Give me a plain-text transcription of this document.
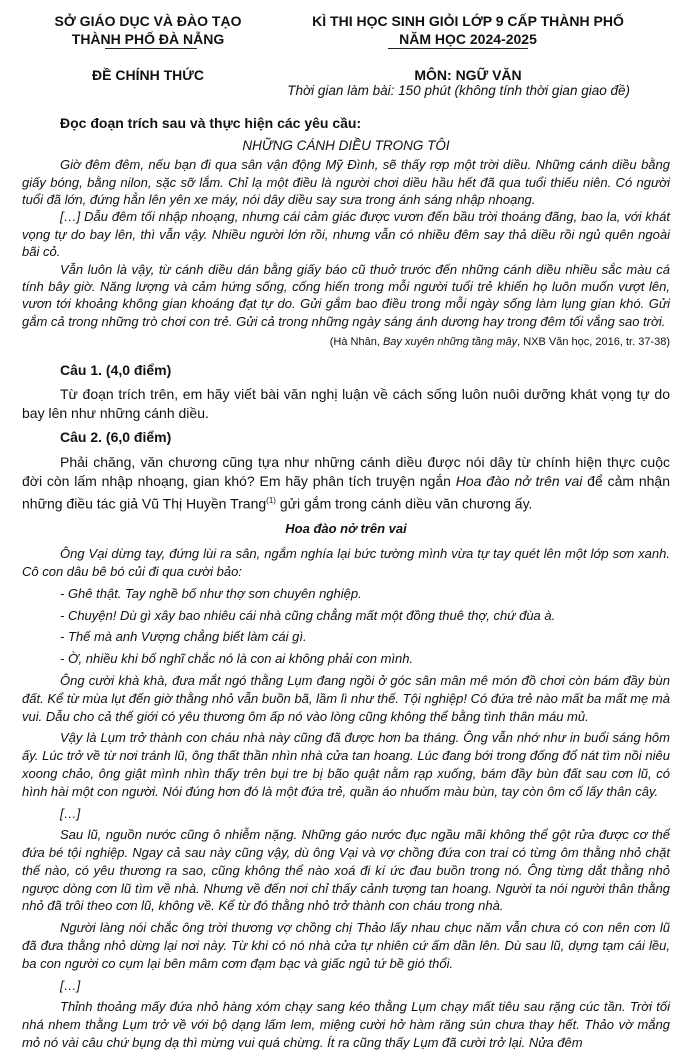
SỞ GIÁO DỤC VÀ ĐÀO TẠO
THÀNH PHỐ ĐÀ NẴNG
KÌ THI HỌC SINH GIỎI LỚP 9 CẤP THÀNH PHỐ
NĂM HỌC 2024-2025
ĐỀ CHÍNH THỨC	MÔN: NGỮ VĂN
Thời gian làm bài: 150 phút (không tính thời gian giao đề)
Đọc đoạn trích sau và thực hiện các yêu cầu:
NHỮNG CÁNH DIỀU TRONG TÔI

Giờ đêm đêm, nếu bạn đi qua sân vận động Mỹ Đình, sẽ thấy rợp một trời diều. Những cánh diều bằng giấy bóng, bằng nilon, sặc sỡ lắm. Chỉ lạ một điều là người chơi diều hầu hết đã qua tuổi thiếu niên. Có người tuổi đã lớn, đứng hẳn lên yên xe máy, nói dây diều say sưa trong ánh sáng nhập nhoạng.

[…] Dẫu đêm tối nhập nhoạng, nhưng cái cảm giác được vươn đến bầu trời thoáng đãng, bao la, với khát vọng tự do bay lên, thì vẫn vậy. Nhiều người lớn rồi, nhưng vẫn có nhiều đêm say thả diều rồi ngủ quên ngoài bãi cỏ.

Vẫn luôn là vậy, từ cánh diều dán bằng giấy báo cũ thuở trước đến những cánh diều nhiều sắc màu cá tính bây giờ. Năng lượng và cảm hứng sống, cống hiến trong mỗi người tuổi trẻ khiến họ luôn muốn vượt lên, vươn tới khoảng không gian khoáng đạt tự do. Gửi gắm bao điều trong mỗi ngày sống làm lụng gian khó. Gửi gắm cả trong những trò chơi con trẻ. Gửi cả trong những ngày sáng ánh dương hay trong đêm tối vắng sao trời.

(Hà Nhân, Bay xuyên những tầng mây, NXB Văn học, 2016, tr. 37-38)
Câu 1. (4,0 điểm)

Từ đoạn trích trên, em hãy viết bài văn nghị luận về cách sống luôn nuôi dưỡng khát vọng tự do bay lên như những cánh diều.

Câu 2. (6,0 điểm)

Phải chăng, văn chương cũng tựa như những cánh diều được nói dây từ chính hiện thực cuộc đời còn lấm nhập nhoạng, gian khó? Em hãy phân tích truyện ngắn Hoa đào nở trên vai để cảm nhận những điều tác giả Vũ Thị Huyền Trang$^{(1)}$ gửi gắm trong cánh diều văn chương ấy.

Hoa đào nở trên vai

Ông Vại dừng tay, đứng lùi ra sân, ngắm nghía lại bức tường mình vừa tự tay quét lên một lớp sơn xanh. Cô con dâu bê bó củi đi qua cười bảo:

- Ghê thật. Tay nghề bố như thợ sơn chuyên nghiệp.
- Chuyện! Dù gì xây bao nhiêu cái nhà cũng chẳng mất một đồng thuê thợ, chứ đùa à.
- Thế mà anh Vượng chẳng biết làm cái gì.
- Ờ, nhiều khi bố nghĩ chắc nó là con ai không phải con mình.

Ông cười khà khà, đưa mắt ngó thằng Lụm đang ngồi ở góc sân mân mê món đồ chơi còn bám đầy bùn đất. Kể từ mùa lụt đến giờ thằng nhỏ vẫn buồn bã, lầm lì như thế. Tội nghiệp! Có đứa trẻ nào mất ba mất mẹ mà vui. Dẫu cho cả thế giới có yêu thương ôm ấp nó vào lòng cũng không thể bằng tình thân máu mủ.

Vậy là Lụm trở thành con cháu nhà này cũng đã được hơn ba tháng. Ông vẫn nhớ như in buổi sáng hôm ấy. Lúc trở về từ nơi tránh lũ, ông thất thần nhìn nhà cửa tan hoang. Lúc đang bới trong đống đổ nát tìm nồi niêu xoong chảo, ông giật mình nhìn thấy trên bụi tre bị bão quật nằm rạp xuống, bám đầy bùn đất sau cơn lũ, có hình hài một con người. Nói đúng hơn đó là một đứa trẻ, quần áo nhuốm màu bùn, tay còn ôm cố lấy thân cây.

[…]

Sau lũ, nguồn nước cũng ô nhiễm nặng. Những gáo nước đục ngầu mãi không thể gột rửa được cơ thể đứa bé tội nghiệp. Ngay cả sau này cũng vậy, dù ông Vại và vợ chồng đứa con trai có từng ôm thằng nhỏ chặt thế nào, có yêu thương ra sao, cũng không thể nào xoá đi kí ức đau buồn trong nó. Ông từng dắt thằng nhỏ ngược dòng cơn lũ tìm về nhà. Nhưng về đến nơi chỉ thấy cảnh tượng tan hoang. Người ta nói người thân thằng nhỏ đã trôi theo cơn lũ, không về. Kể từ đó thằng nhỏ trở thành con cháu trong nhà.

Người làng nói chắc ông trời thương vợ chồng chị Thảo lấy nhau chục năm vẫn chưa có con nên cơn lũ đã đưa thằng nhỏ dừng lại nơi này. Từ khi có nó nhà cửa tự nhiên cứ ấm dần lên. Dù sau lũ, dựng tạm cái lều, ba con người co cụm lại bên mâm cơm đạm bạc và giấc ngủ tứ bề gió thổi.

[…]

Thỉnh thoảng mấy đứa nhỏ hàng xóm chạy sang kéo thằng Lụm chạy mất tiêu sau rặng cúc tần. Trời tối nhá nhem thằng Lụm trở về với bộ dạng lấm lem, miệng cười hở hàm răng sún chưa thay hết. Thảo vờ mắng mỏ nó vài câu chứ bụng dạ thì mừng vui quá chừng. Ít ra cũng thấy Lụm đã cười trở lại. Nửa đêm
